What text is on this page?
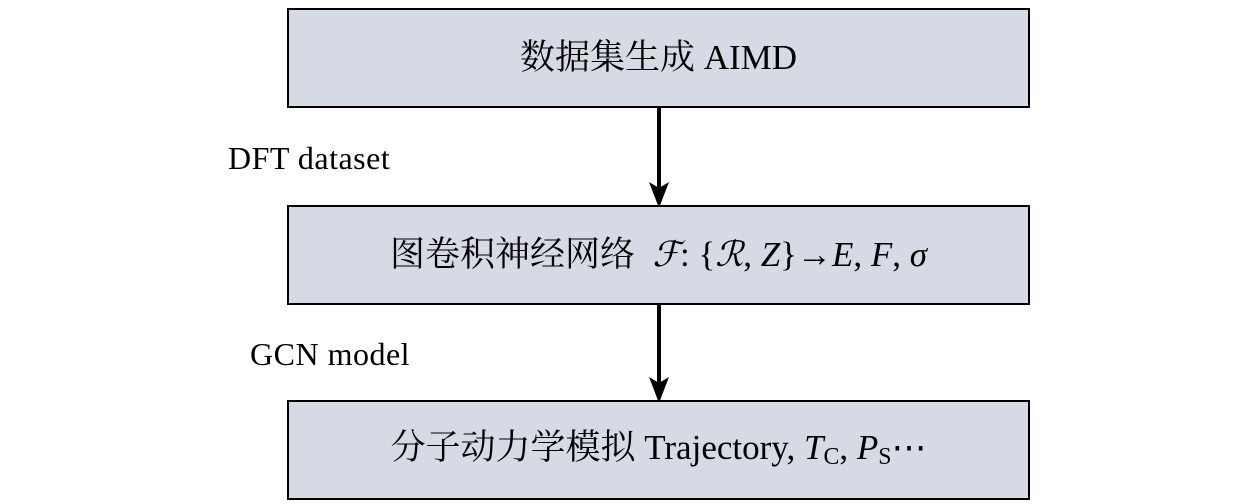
数据集生成 AIMD
DFT dataset
图卷积神经网络  ℱ: {ℛ, Z}→E, F, σ
GCN model
分子动力学模拟 Trajectory, $T_C$, $P_S\cdots$
